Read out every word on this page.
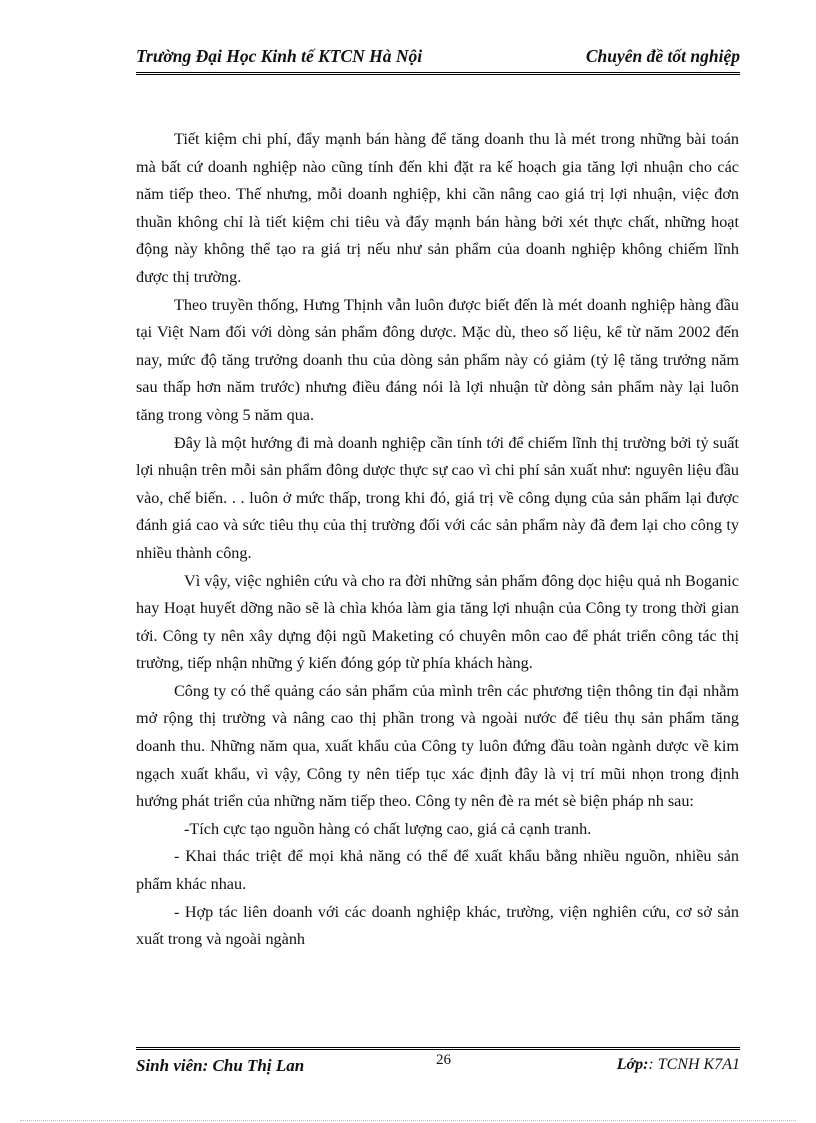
Trường Đại Học Kinh tế KTCN Hà Nội	Chuyên đề tốt nghiệp

Tiết kiệm chi phí, đẩy mạnh bán hàng để tăng doanh thu là mét trong những bài toán mà bất cứ doanh nghiệp nào cũng tính đến khi đặt ra kế hoạch gia tăng lợi nhuận cho các năm tiếp theo. Thế nhưng, mỗi doanh nghiệp, khi cần nâng cao giá trị lợi nhuận, việc đơn thuần không chỉ là tiết kiệm chi tiêu và đẩy mạnh bán hàng bởi xét thực chất, những hoạt động này không thể tạo ra giá trị nếu như sản phẩm của doanh nghiệp không chiếm lĩnh được thị trường.

Theo truyền thống, Hưng Thịnh vẫn luôn được biết đến là mét doanh nghiệp hàng đầu tại Việt Nam đối với dòng sản phẩm đông dược. Mặc dù, theo số liệu, kể từ năm 2002 đến nay, mức độ tăng trưởng doanh thu của dòng sản phẩm này có giảm (tỷ lệ tăng trưởng năm sau thấp hơn năm trước) nhưng điều đáng nói là lợi nhuận từ dòng sản phẩm này lại luôn tăng trong vòng 5 năm qua.

Đây là một hướng đi mà doanh nghiệp cần tính tới để chiếm lĩnh thị trường bởi tỷ suất lợi nhuận trên mỗi sản phẩm đông dược thực sự cao vì chi phí sản xuất như: nguyên liệu đầu vào, chế biến. . . luôn ở mức thấp, trong khi đó, giá trị về công dụng của sản phẩm lại được đánh giá cao và sức tiêu thụ của thị trường đối với các sản phẩm này đã đem lại cho công ty nhiều thành công.

Vì vậy, việc nghiên cứu và cho ra đời những sản phẩm đông dọc hiệu quả nh Boganic hay Hoạt huyết dỡng não sẽ là chìa khóa làm gia tăng lợi nhuận của Công ty trong thời gian tới. Công ty nên xây dựng đội ngũ Maketing có chuyên môn cao để phát triển công tác thị trường, tiếp nhận những ý kiến đóng góp từ phía khách hàng.

Công ty có thể quảng cáo sản phẩm của mình trên các phương tiện thông tin đại nhằm mở rộng thị trường và nâng cao thị phần trong và ngoài nước để tiêu thụ sản phẩm tăng doanh thu. Những năm qua, xuất khẩu của Công ty luôn đứng đầu toàn ngành dược về kim ngạch xuất khẩu, vì vậy, Công ty nên tiếp tục xác định đây là vị trí mũi nhọn trong định hướng phát triển của những năm tiếp theo. Công ty nên đè ra mét sè biện pháp nh sau:

-Tích cực tạo nguồn hàng có chất lượng cao, giá cả cạnh tranh.

- Khai thác triệt để mọi khả năng có thể để xuất khẩu bằng nhiều nguồn, nhiều sản phẩm khác nhau.

- Hợp tác liên doanh với các doanh nghiệp khác, trường, viện nghiên cứu, cơ sở sản xuất trong và ngoài ngành

Sinh viên: Chu Thị Lan	26	Lớp:: TCNH K7A1
